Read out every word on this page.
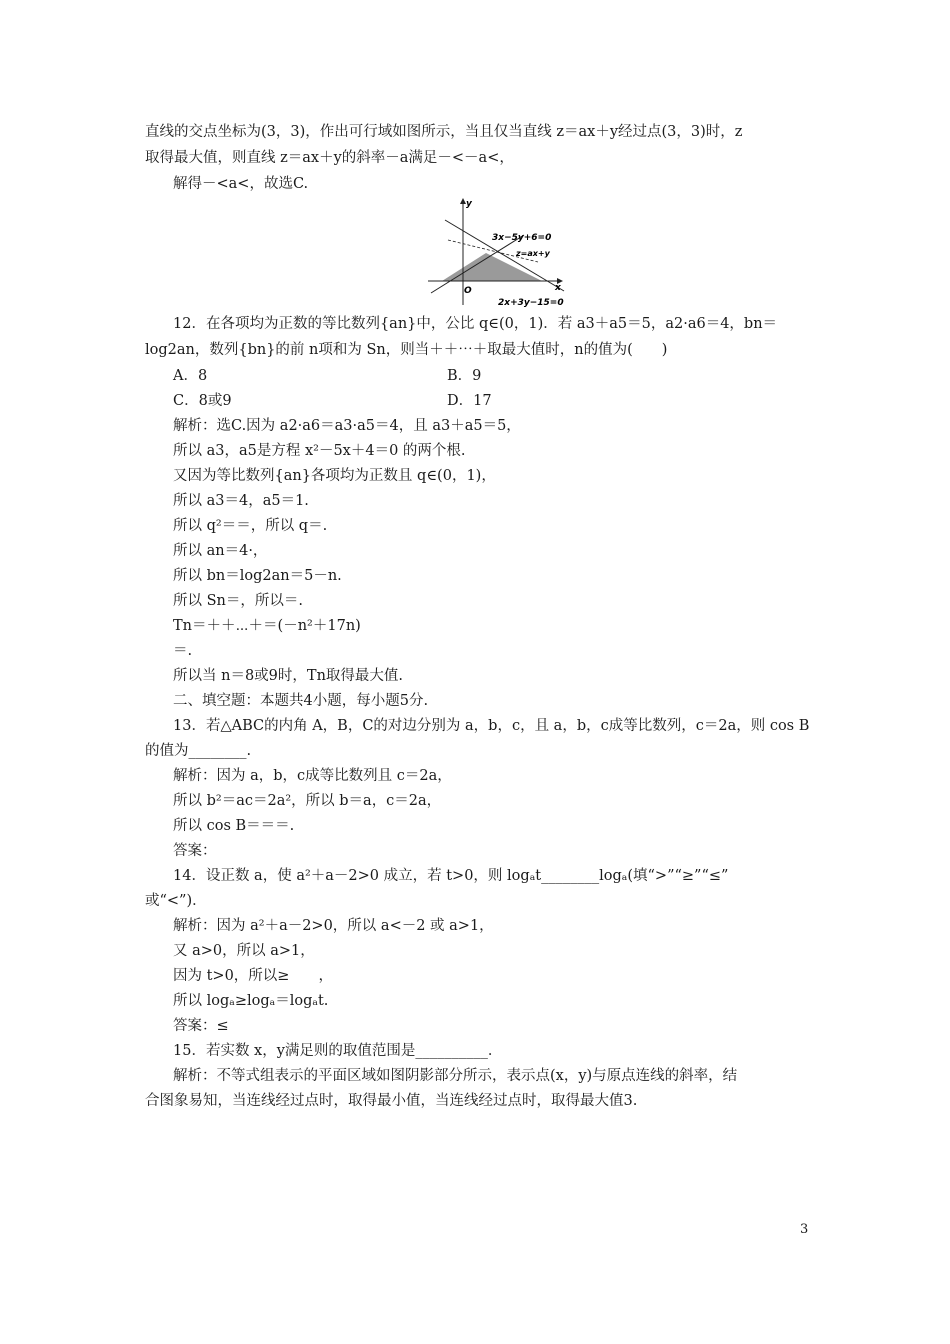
直线的交点坐标为(3，3)，作出可行域如图所示，当且仅当直线 z＝ax＋y经过点(3，3)时，z
取得最大值，则直线 z＝ax＋y的斜率－a满足－<－a<，
解得－<a<，故选C.
y
x
O
3x−5y+6=0
z=ax+y
2x+3y−15=0
12．在各项均为正数的等比数列{an}中，公比 q∈(0，1)．若 a3＋a5＝5，a2·a6＝4，bn＝
log2an，数列{bn}的前 n项和为 Sn，则当＋＋⋯＋取最大值时，n的值为(　　)
A．8	B．9
C．8或9	D．17
解析：选C.因为 a2·a6＝a3·a5＝4，且 a3＋a5＝5，
所以 a3，a5是方程 x²－5x＋4＝0 的两个根.
又因为等比数列{an}各项均为正数且 q∈(0，1)，
所以 a3＝4，a5＝1.
所以 q²＝＝，所以 q＝.
所以 an＝4·，
所以 bn＝log2an＝5－n.
所以 Sn＝，所以＝.
Tn＝＋＋⋯＋＝(－n²＋17n)
＝.
所以当 n＝8或9时，Tn取得最大值.
二、填空题：本题共4小题，每小题5分.
13．若△ABC的内角 A，B，C的对边分别为 a，b，c，且 a，b，c成等比数列，c＝2a，则 cos B
的值为________.
解析：因为 a，b，c成等比数列且 c＝2a，
所以 b²＝ac＝2a²，所以 b＝a，c＝2a，
所以 cos B＝＝＝.
答案：
14．设正数 a，使 a²＋a－2>0 成立，若 t>0，则 logₐt________logₐ(填“>”“≥”“≤”
或“<”)．
解析：因为 a²＋a－2>0，所以 a<－2 或 a>1，
又 a>0，所以 a>1，
因为 t>0，所以≥　　，
所以 logₐ≥logₐ＝logₐt.
答案：≤
15．若实数 x，y满足则的取值范围是__________．
解析：不等式组表示的平面区域如图阴影部分所示，表示点(x，y)与原点连线的斜率，结
合图象易知，当连线经过点时，取得最小值，当连线经过点时，取得最大值3.
3
